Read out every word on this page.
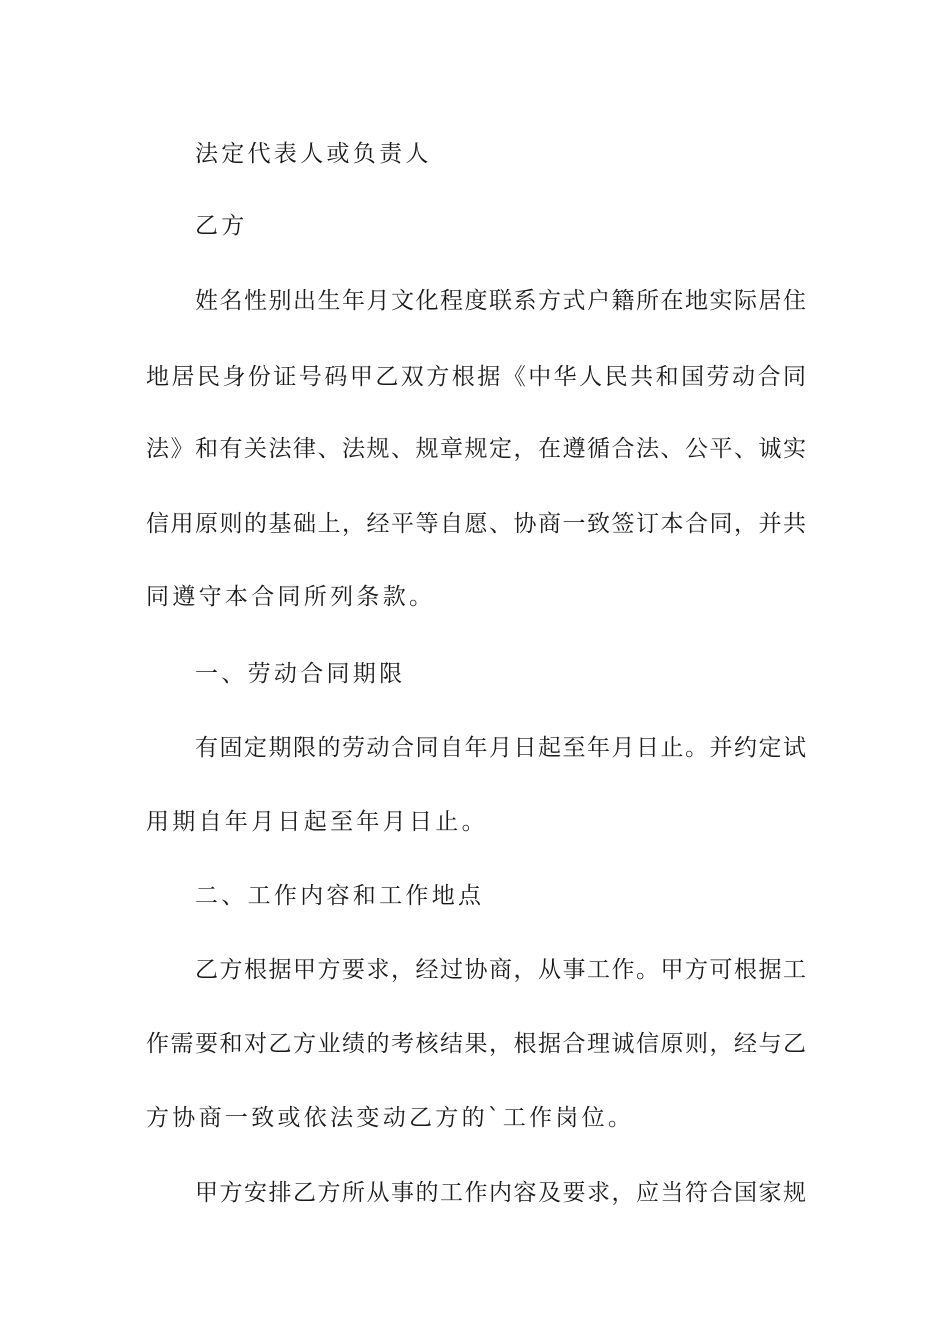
法定代表人或负责人
乙方
姓名性别出生年月文化程度联系方式户籍所在地实际居住
地居民身份证号码甲乙双方根据《中华人民共和国劳动合同
法》和有关法律、法规、规章规定，在遵循合法、公平、诚实
信用原则的基础上，经平等自愿、协商一致签订本合同，并共
同遵守本合同所列条款。
一、劳动合同期限
有固定期限的劳动合同自年月日起至年月日止。并约定试
用期自年月日起至年月日止。
二、工作内容和工作地点
乙方根据甲方要求，经过协商，从事工作。甲方可根据工
作需要和对乙方业绩的考核结果，根据合理诚信原则，经与乙
方协商一致或依法变动乙方的`工作岗位。
甲方安排乙方所从事的工作内容及要求，应当符合国家规
